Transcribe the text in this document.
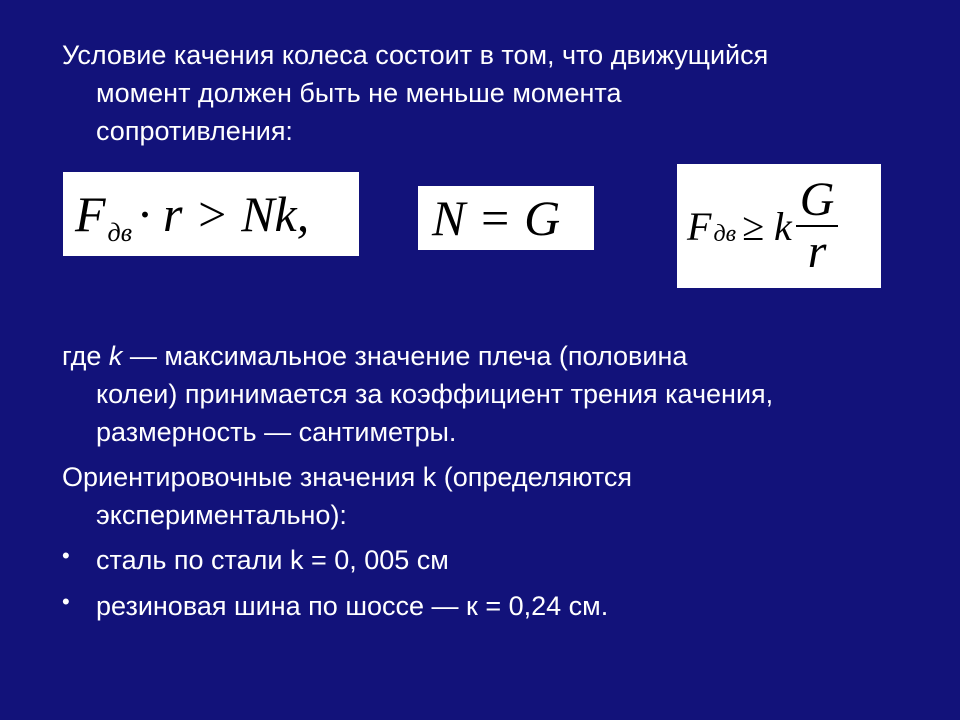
Условие качения колеса состоит в том, что движущийся
момент должен быть не меньше момента
сопротивления:
$F_{дв} \cdot r > Nk$,	N = G	F дв ≥ k $\frac{G}{r}$
где k — максимальное значение плеча (половина
колеи) принимается за коэффициент трения качения,
размерность — сантиметры.
Ориентировочные значения k (определяются
экспериментально):
• сталь по стали k = 0, 005 см
• резиновая шина по шоссе — к = 0,24 см.
